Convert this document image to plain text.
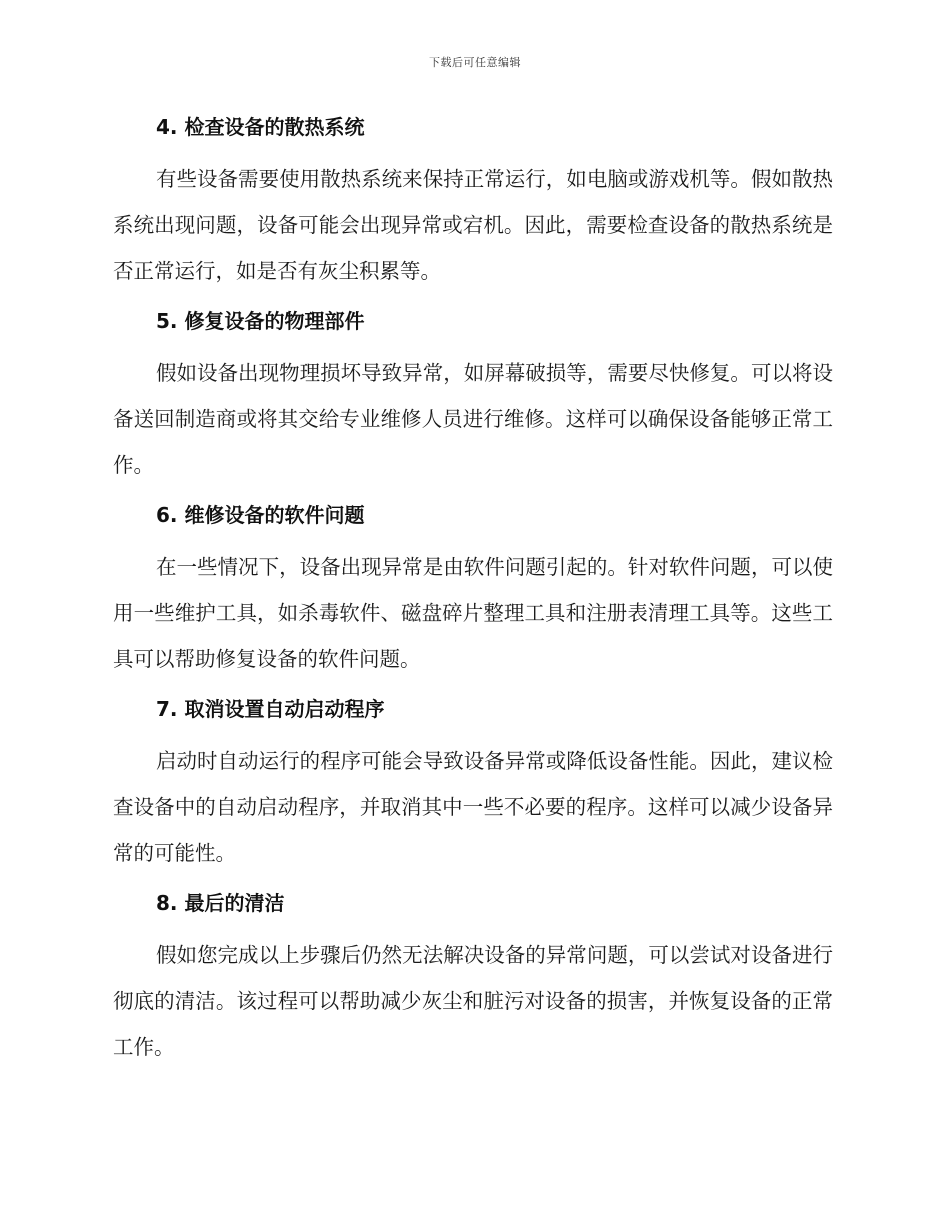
下载后可任意编辑
4. 检查设备的散热系统

有些设备需要使用散热系统来保持正常运行，如电脑或游戏机等。假如散热系统出现问题，设备可能会出现异常或宕机。因此，需要检查设备的散热系统是否正常运行，如是否有灰尘积累等。

5. 修复设备的物理部件

假如设备出现物理损坏导致异常，如屏幕破损等，需要尽快修复。可以将设备送回制造商或将其交给专业维修人员进行维修。这样可以确保设备能够正常工作。

6. 维修设备的软件问题

在一些情况下，设备出现异常是由软件问题引起的。针对软件问题，可以使用一些维护工具，如杀毒软件、磁盘碎片整理工具和注册表清理工具等。这些工具可以帮助修复设备的软件问题。

7. 取消设置自动启动程序

启动时自动运行的程序可能会导致设备异常或降低设备性能。因此，建议检查设备中的自动启动程序，并取消其中一些不必要的程序。这样可以减少设备异常的可能性。

8. 最后的清洁

假如您完成以上步骤后仍然无法解决设备的异常问题，可以尝试对设备进行彻底的清洁。该过程可以帮助减少灰尘和脏污对设备的损害，并恢复设备的正常工作。
